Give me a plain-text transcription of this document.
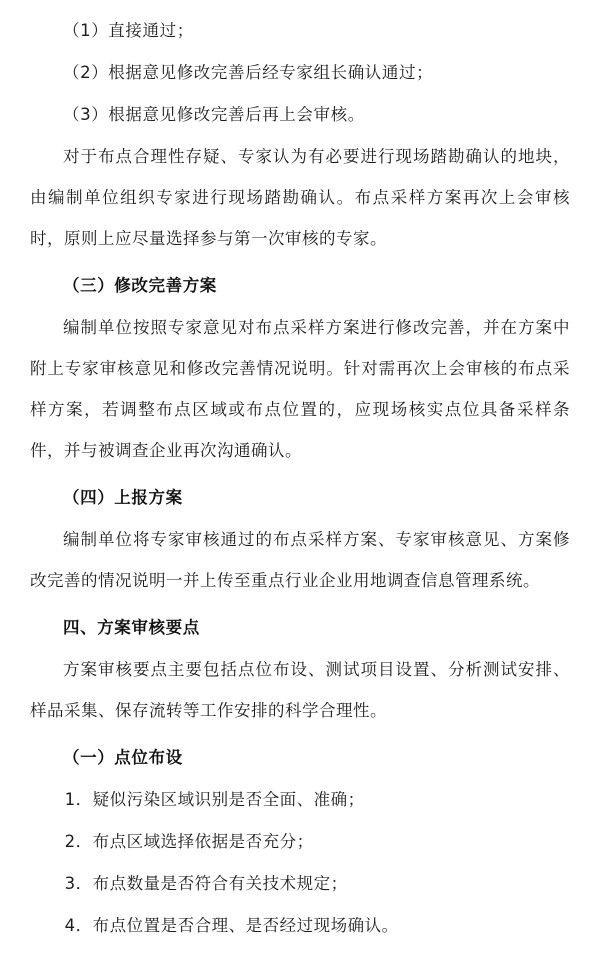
（1）直接通过；
（2）根据意见修改完善后经专家组长确认通过；
（3）根据意见修改完善后再上会审核。
对于布点合理性存疑、专家认为有必要进行现场踏勘确认的地块，由编制单位组织专家进行现场踏勘确认。布点采样方案再次上会审核时，原则上应尽量选择参与第一次审核的专家。
（三）修改完善方案
编制单位按照专家意见对布点采样方案进行修改完善，并在方案中附上专家审核意见和修改完善情况说明。针对需再次上会审核的布点采样方案，若调整布点区域或布点位置的，应现场核实点位具备采样条件，并与被调查企业再次沟通确认。
（四）上报方案
编制单位将专家审核通过的布点采样方案、专家审核意见、方案修改完善的情况说明一并上传至重点行业企业用地调查信息管理系统。
四、方案审核要点
方案审核要点主要包括点位布设、测试项目设置、分析测试安排、样品采集、保存流转等工作安排的科学合理性。
（一）点位布设
1．疑似污染区域识别是否全面、准确；
2．布点区域选择依据是否充分；
3．布点数量是否符合有关技术规定；
4．布点位置是否合理、是否经过现场确认。
